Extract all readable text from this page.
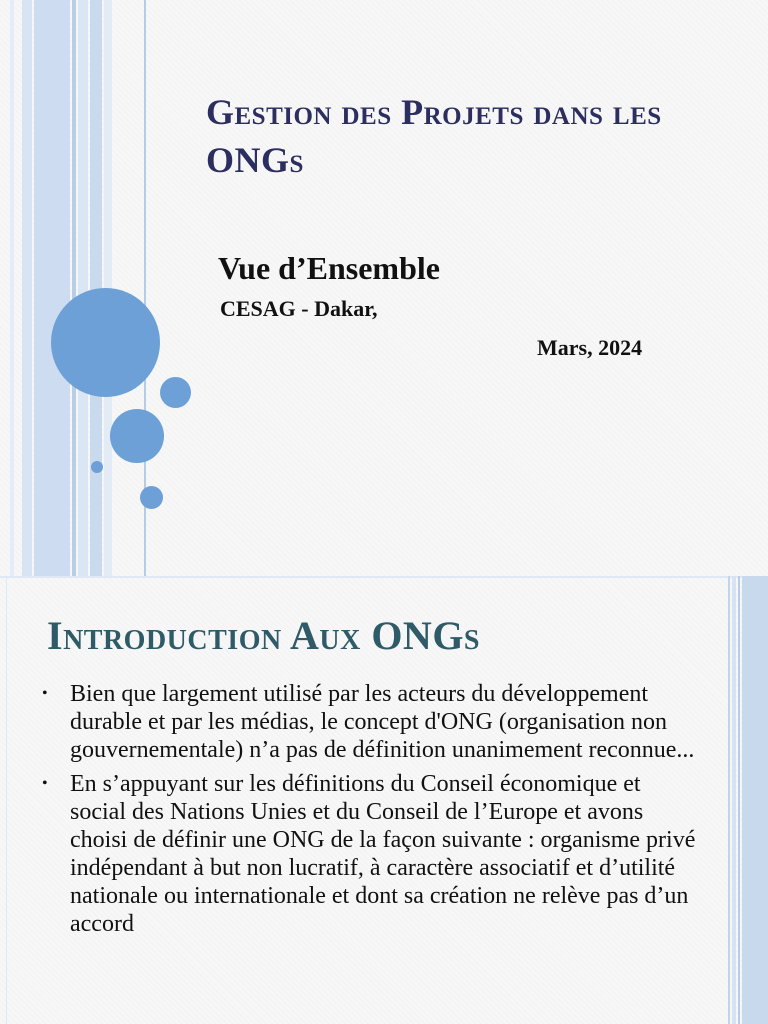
Gestion des Projets dans les ONGs
Vue d’Ensemble
CESAG - Dakar,
Mars, 2024
Introduction Aux ONGs
• Bien que largement utilisé par les acteurs du développement durable et par les médias, le concept d'ONG (organisation non gouvernementale) n’a pas de définition unanimement reconnue...
• En s’appuyant sur les définitions du Conseil économique et social des Nations Unies et du Conseil de l’Europe et avons choisi de définir une ONG de la façon suivante : organisme privé indépendant à but non lucratif, à caractère associatif et d’utilité nationale ou internationale et dont sa création ne relève pas d’un accord
